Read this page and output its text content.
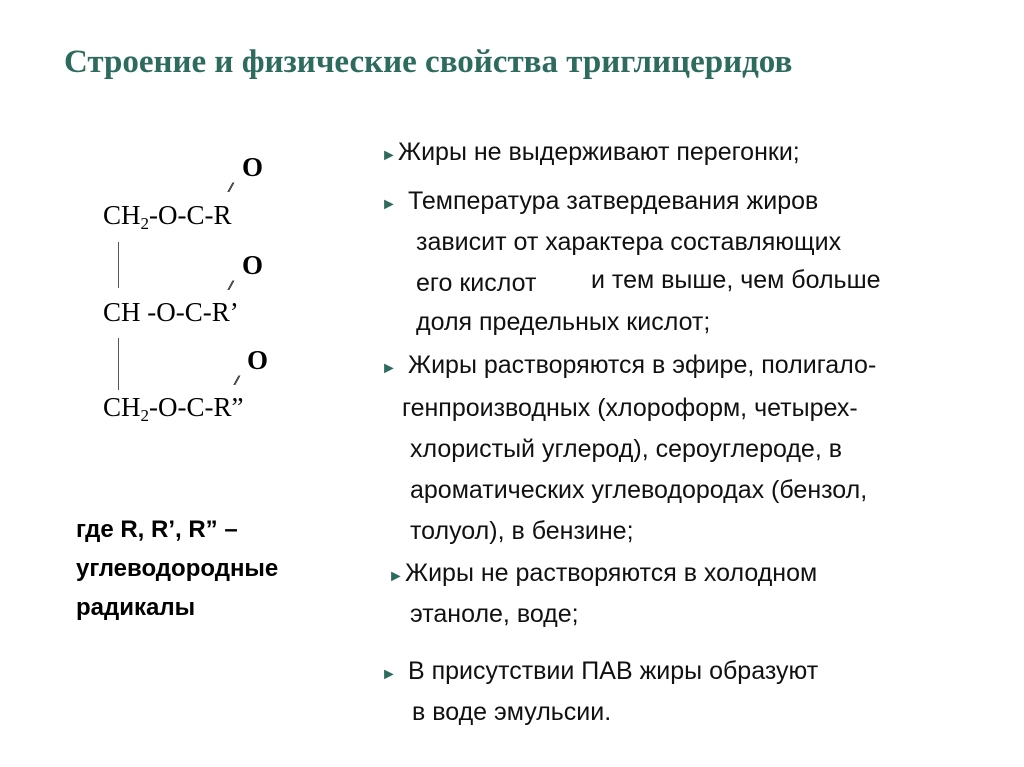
Строение и физические свойства триглицеридов
O
//
$CH_2-O-C-R$
O
//
CH -O-C-R’
O
//
$CH_2-O-C-R$”
где R, R’, R” –
углеводородные
радикалы
► Жиры не выдерживают перегонки;
► Температура затвердевания жиров
зависит от характера составляющих
его кислот и тем выше, чем больше
доля предельных кислот;
► Жиры растворяются в эфире, полигало-
генпроизводных (хлороформ, четырех-
хлористый углерод), сероуглероде, в
ароматических углеводородах (бензол,
толуол), в бензине;
► Жиры не растворяются в холодном
этаноле, воде;
► В присутствии ПАВ жиры образуют
в воде эмульсии.
